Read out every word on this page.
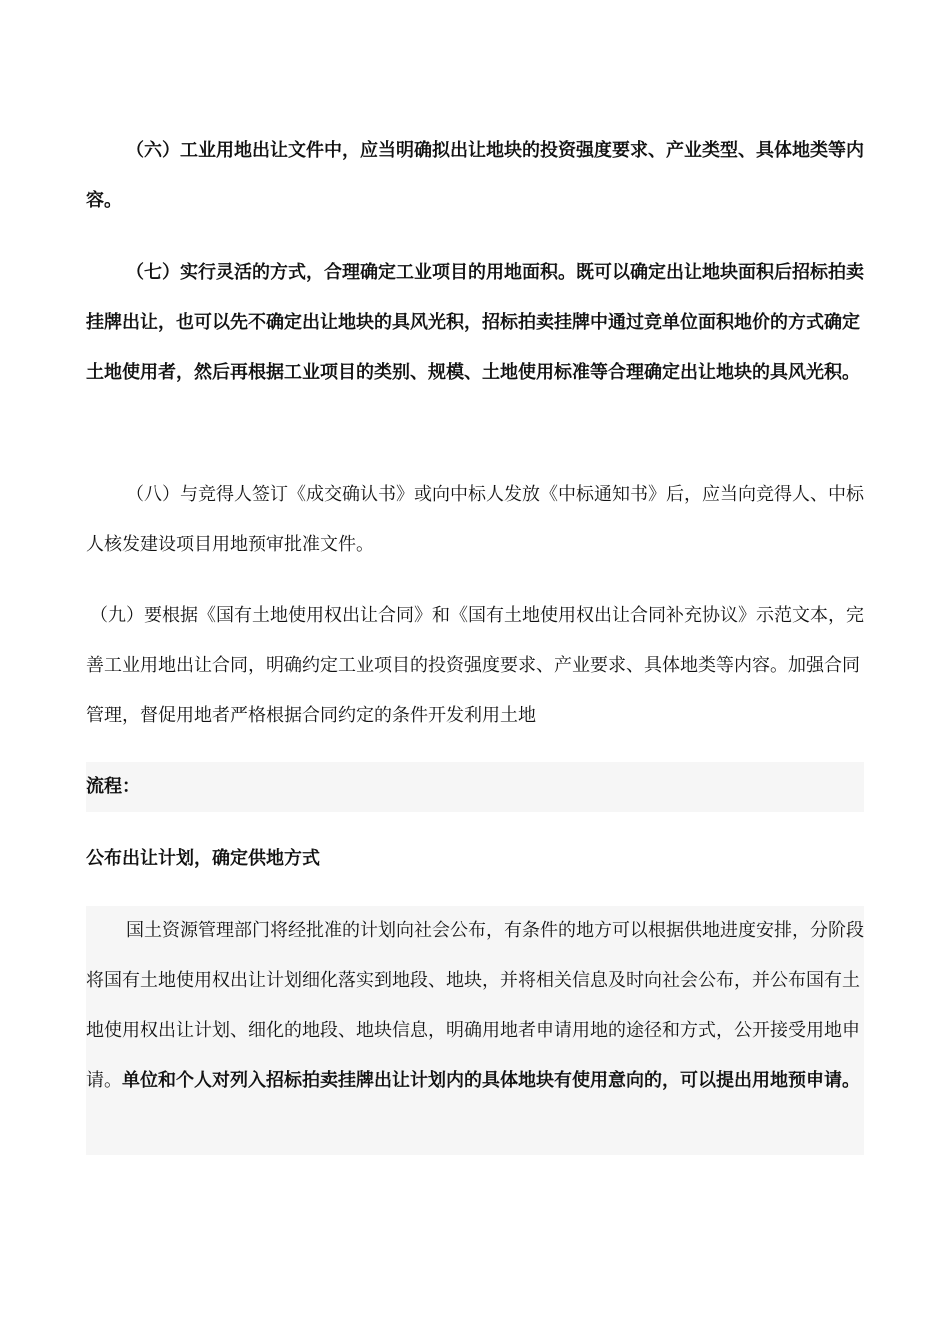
（六）工业用地出让文件中，应当明确拟出让地块的投资强度要求、产业类型、具体地类等内容。

（七）实行灵活的方式，合理确定工业项目的用地面积。既可以确定出让地块面积后招标拍卖挂牌出让，也可以先不确定出让地块的具风光积，招标拍卖挂牌中通过竞单位面积地价的方式确定土地使用者，然后再根据工业项目的类别、规模、土地使用标准等合理确定出让地块的具风光积。

（八）与竞得人签订《成交确认书》或向中标人发放《中标通知书》后，应当向竞得人、中标人核发建设项目用地预审批准文件。

（九）要根据《国有土地使用权出让合同》和《国有土地使用权出让合同补充协议》示范文本，完善工业用地出让合同，明确约定工业项目的投资强度要求、产业要求、具体地类等内容。加强合同管理，督促用地者严格根据合同约定的条件开发利用土地

流程：

公布出让计划，确定供地方式

国土资源管理部门将经批准的计划向社会公布，有条件的地方可以根据供地进度安排，分阶段将国有土地使用权出让计划细化落实到地段、地块，并将相关信息及时向社会公布，并公布国有土地使用权出让计划、细化的地段、地块信息，明确用地者申请用地的途径和方式，公开接受用地申请。单位和个人对列入招标拍卖挂牌出让计划内的具体地块有使用意向的，可以提出用地预申请。
